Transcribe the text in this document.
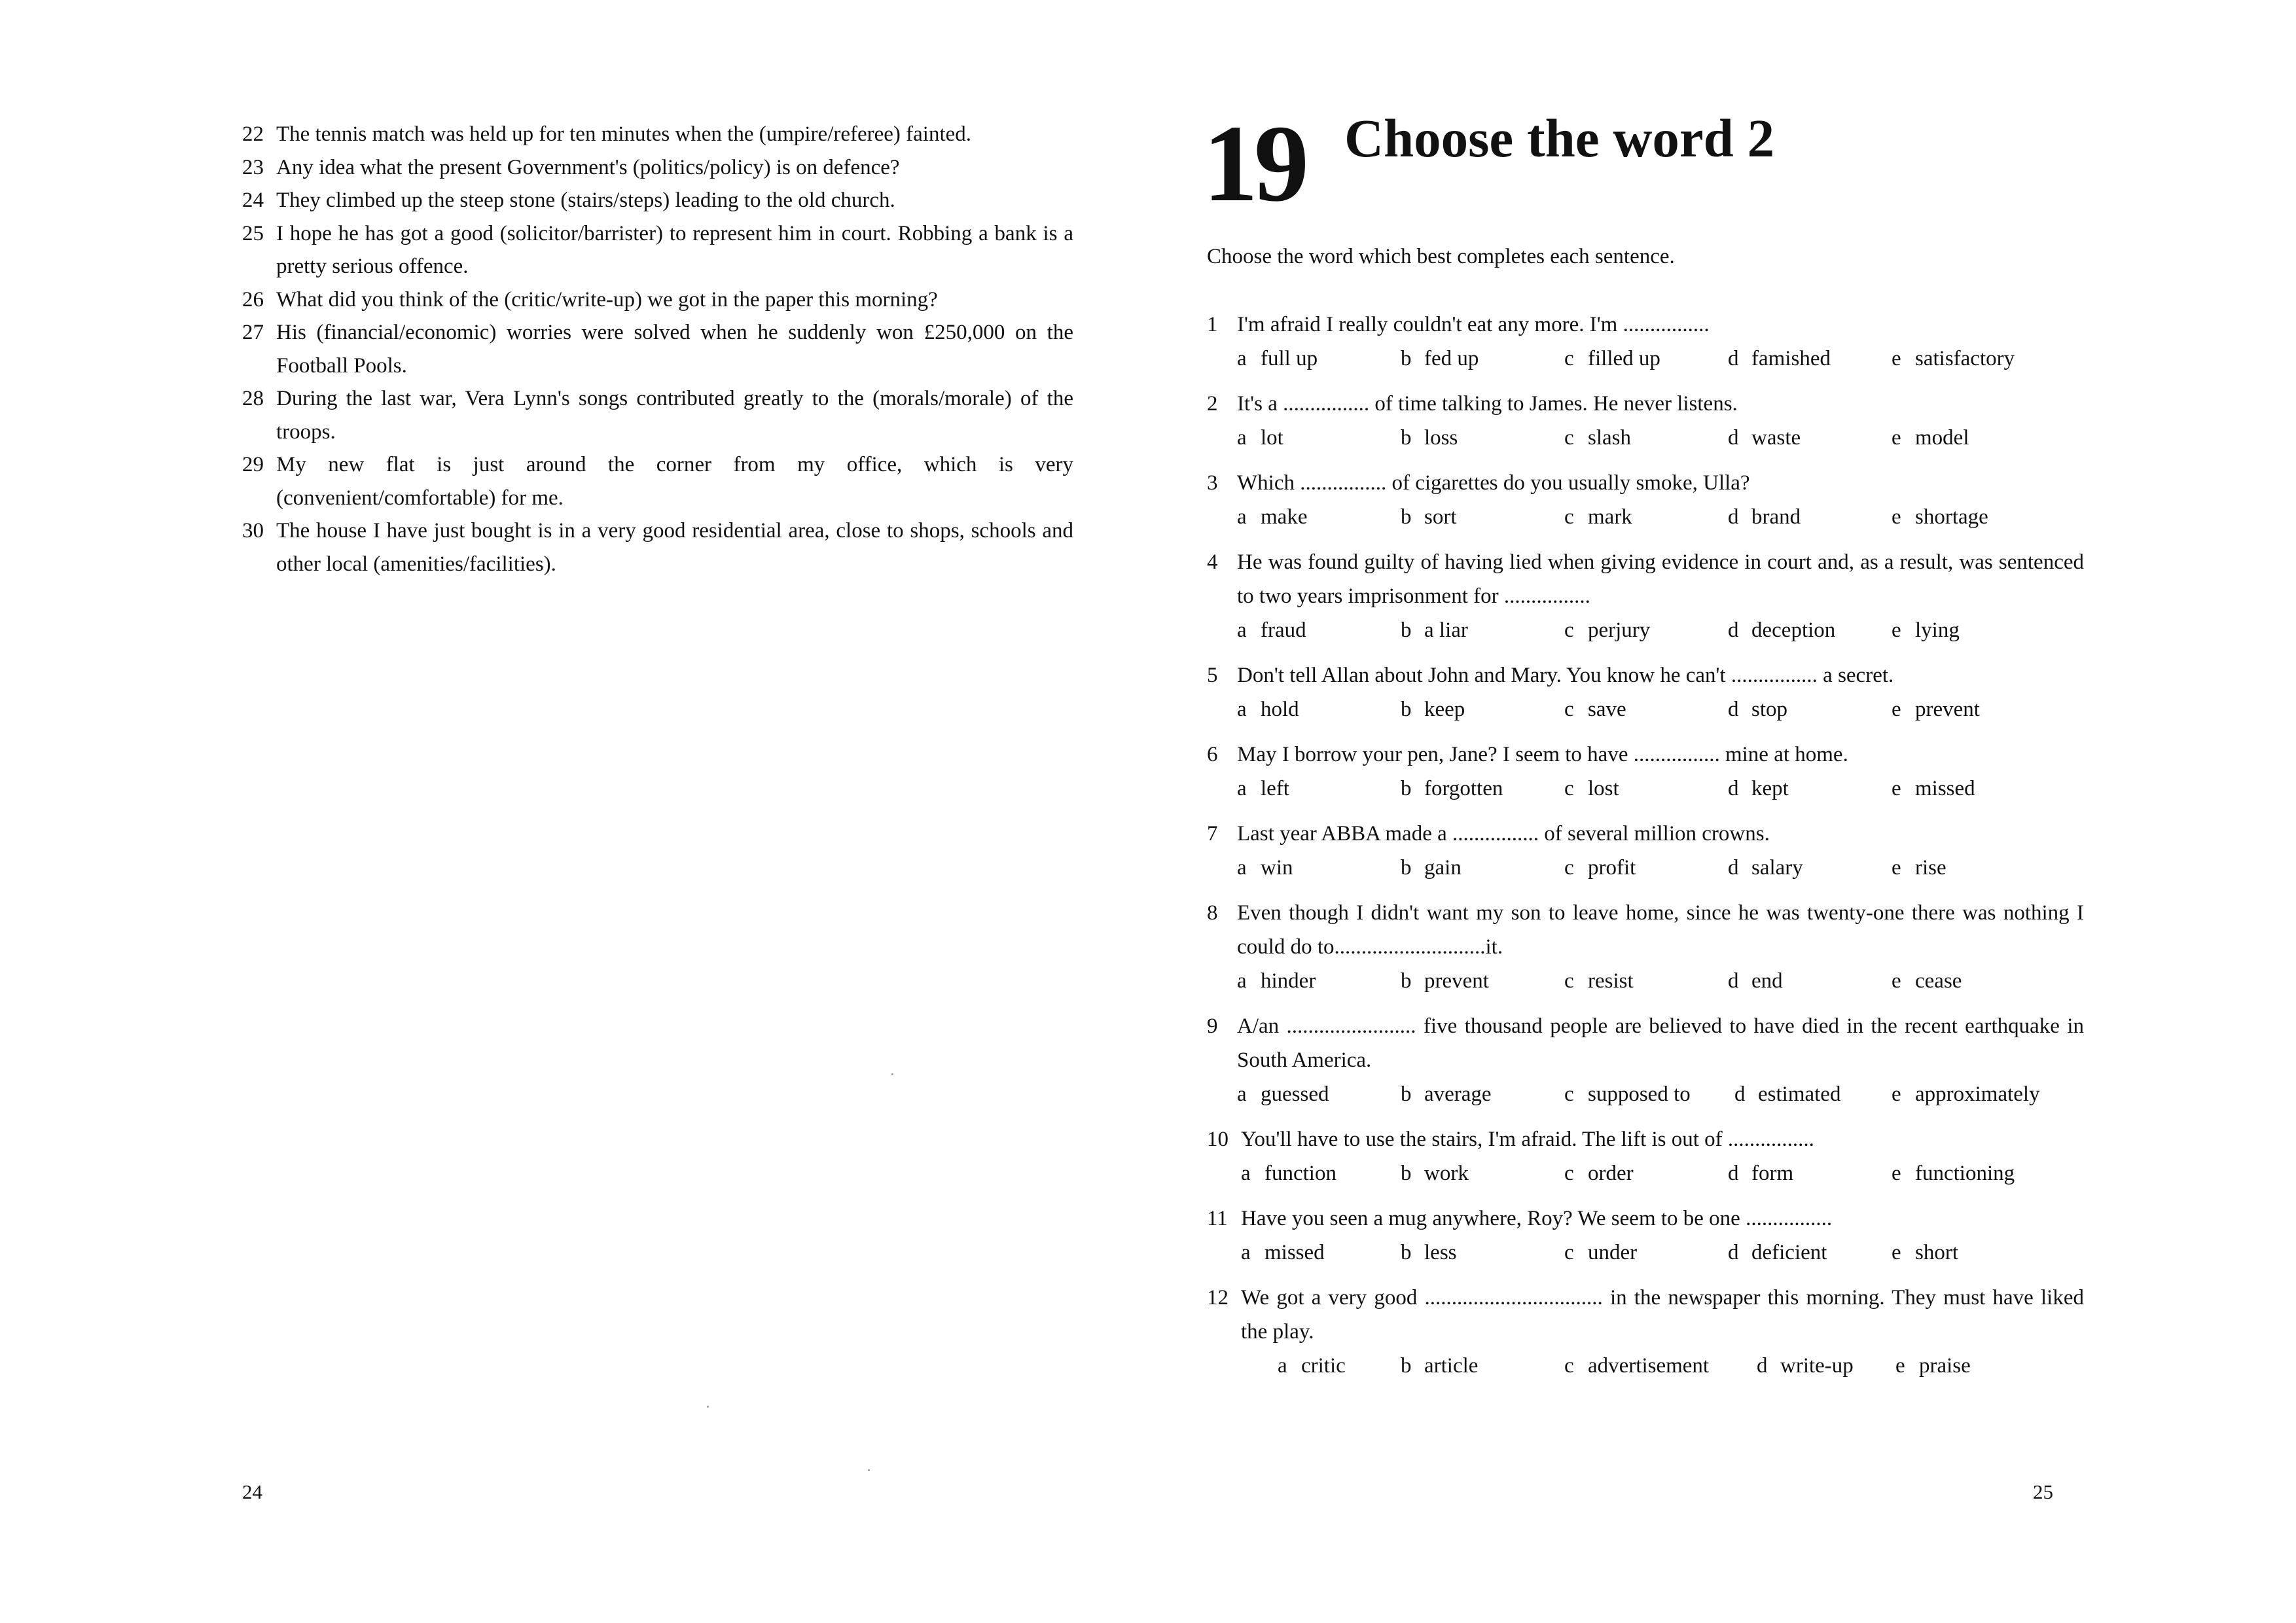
22 The tennis match was held up for ten minutes when the (umpire/referee) fainted.
23 Any idea what the present Government's (politics/policy) is on defence?
24 They climbed up the steep stone (stairs/steps) leading to the old church.
25 I hope he has got a good (solicitor/barrister) to represent him in court. Robbing a bank is a pretty serious offence.
26 What did you think of the (critic/write-up) we got in the paper this morning?
27 His (financial/economic) worries were solved when he suddenly won £250,000 on the Football Pools.
28 During the last war, Vera Lynn's songs contributed greatly to the (morals/morale) of the troops.
29 My new flat is just around the corner from my office, which is very (convenient/comfortable) for me.
30 The house I have just bought is in a very good residential area, close to shops, schools and other local (amenities/facilities).
24
19 Choose the word 2

Choose the word which best completes each sentence.

1 I'm afraid I really couldn't eat any more. I'm ................
a full up	b fed up	c filled up	d famished	e satisfactory
2 It's a ................ of time talking to James. He never listens.
a lot	b loss	c slash	d waste	e model
3 Which ................ of cigarettes do you usually smoke, Ulla?
a make	b sort	c mark	d brand	e shortage
4 He was found guilty of having lied when giving evidence in court and, as a result, was sentenced to two years imprisonment for ................
a fraud	b a liar	c perjury	d deception	e lying
5 Don't tell Allan about John and Mary. You know he can't ................ a secret.
a hold	b keep	c save	d stop	e prevent
6 May I borrow your pen, Jane? I seem to have ................ mine at home.
a left	b forgotten	c lost	d kept	e missed
7 Last year ABBA made a ................ of several million crowns.
a win	b gain	c profit	d salary	e rise
8 Even though I didn't want my son to leave home, since he was twenty-one there was nothing I could do to............................it.
a hinder	b prevent	c resist	d end	e cease
9 A/an ........................ five thousand people are believed to have died in the recent earthquake in South America.
a guessed	b average	c supposed to d estimated e approximately
10 You'll have to use the stairs, I'm afraid. The lift is out of ................
a function	b work	c order	d form	e functioning
11 Have you seen a mug anywhere, Roy? We seem to be one ................
a missed	b less	c under	d deficient	e short
12 We got a very good ................................. in the newspaper this morning. They must have liked the play.
a critic	b article	c advertisement d write-up e praise
25
